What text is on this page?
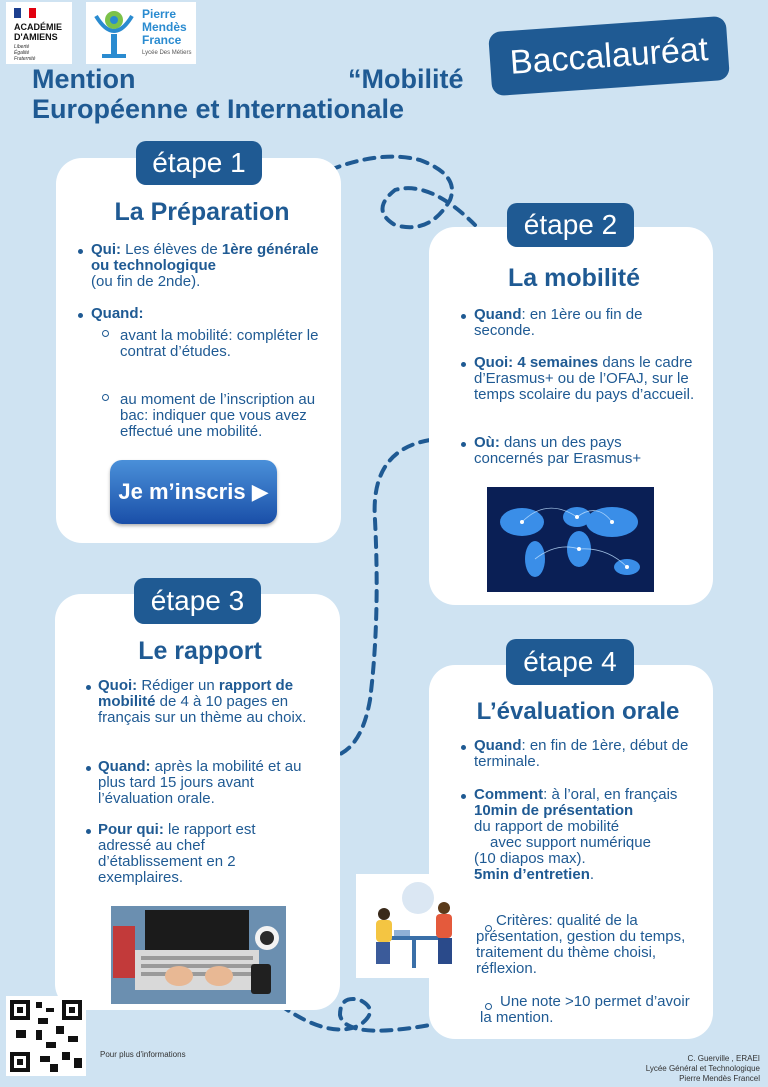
ACADÉMIE
D'AMIENS
Liberté
Égalité
Fraternité
Pierre
Mendès
France
Lycée Des Métiers	Baccalauréat
Mention	“Mobilité
Européenne et Internationale
étape 1
La Préparation
Qui: Les élèves de 1ère générale ou technologique
(ou fin de 2nde).
Quand:
avant la mobilité: compléter le contrat d’études.
au moment de l’inscription au bac: indiquer que vous avez effectué une mobilité.
Je m’inscris ▶
étape 2
La mobilité
Quand: en 1ère ou fin de seconde.
Quoi: 4 semaines dans le cadre d’Erasmus+ ou de l’OFAJ, sur le temps scolaire du pays d’accueil.
Où: dans un des pays concernés par Erasmus+
étape 3
Le rapport
Quoi: Rédiger un rapport de mobilité de 4 à 10 pages en français sur un thème au choix.
Quand: après la mobilité et au plus tard 15 jours avant l’évaluation orale.
Pour qui: le rapport est adressé au chef d’établissement en 2 exemplaires.
étape 4
L’évaluation orale
Quand: en fin de 1ère, début de terminale.
Comment: à l’oral, en français
10min de présentation
du rapport de mobilité
avec support numérique
(10 diapos max).
5min d’entretien.
Critères: qualité de la présentation, gestion du temps, traitement du thème choisi, réflexion.
Une note >10 permet d’avoir la mention.
Pour plus d'informations	C. Guerville , ERAEI
Lycée Général et Technologique
Pierre Mendès Francel
